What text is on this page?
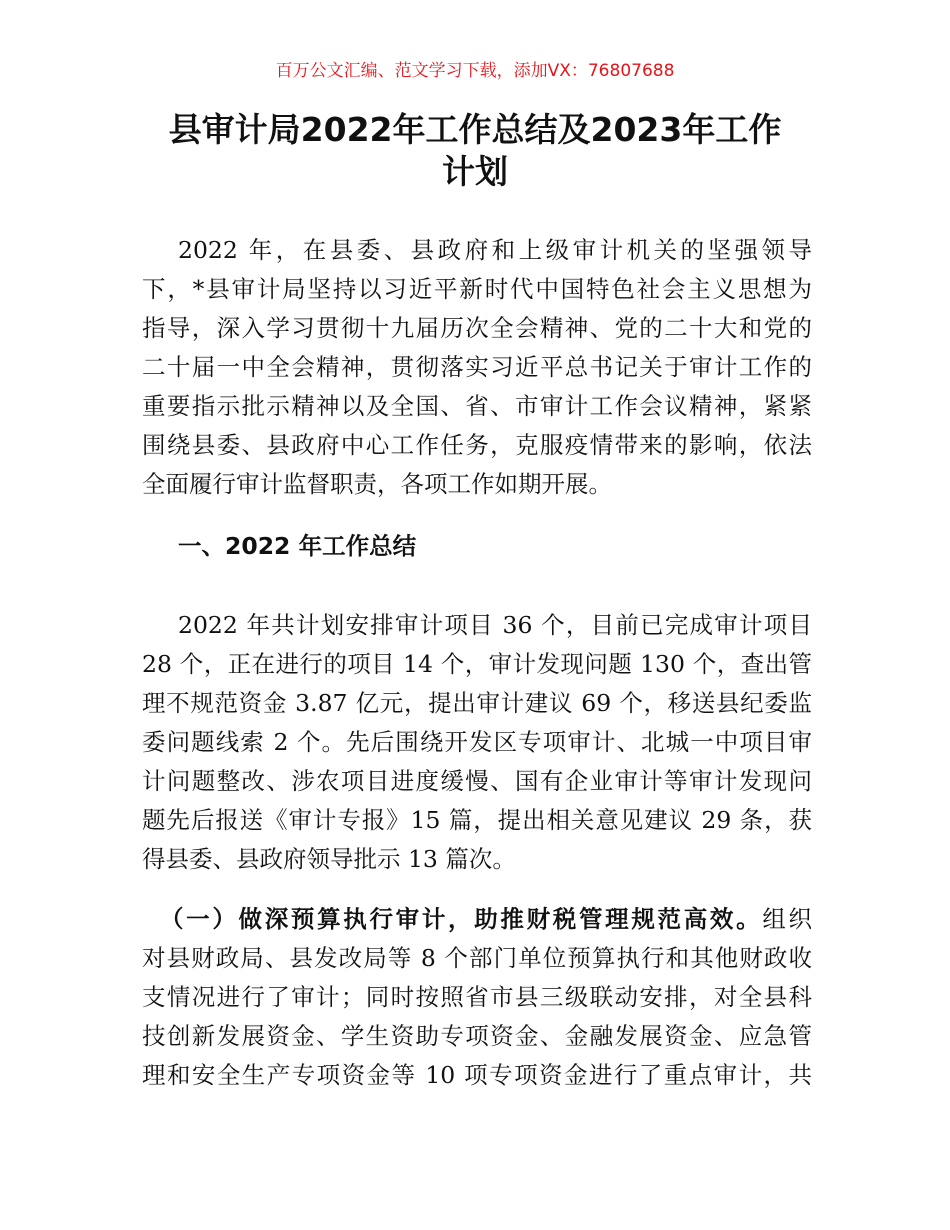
百万公文汇编、范文学习下载，添加VX：76807688
县审计局2022年工作总结及2023年工作
计划
2022 年，在县委、县政府和上级审计机关的坚强领导
下，*县审计局坚持以习近平新时代中国特色社会主义思想为
指导，深入学习贯彻十九届历次全会精神、党的二十大和党的
二十届一中全会精神，贯彻落实习近平总书记关于审计工作的
重要指示批示精神以及全国、省、市审计工作会议精神，紧紧
围绕县委、县政府中心工作任务，克服疫情带来的影响，依法
全面履行审计监督职责，各项工作如期开展。
一、2022 年工作总结
2022 年共计划安排审计项目 36 个，目前已完成审计项目
28 个，正在进行的项目 14 个，审计发现问题 130 个，查出管
理不规范资金 3.87 亿元，提出审计建议 69 个，移送县纪委监
委问题线索 2 个。先后围绕开发区专项审计、北城一中项目审
计问题整改、涉农项目进度缓慢、国有企业审计等审计发现问
题先后报送《审计专报》15 篇，提出相关意见建议 29 条，获
得县委、县政府领导批示 13 篇次。
（一）做深预算执行审计，助推财税管理规范高效。组织
对县财政局、县发改局等 8 个部门单位预算执行和其他财政收
支情况进行了审计；同时按照省市县三级联动安排，对全县科
技创新发展资金、学生资助专项资金、金融发展资金、应急管
理和安全生产专项资金等 10 项专项资金进行了重点审计，共
